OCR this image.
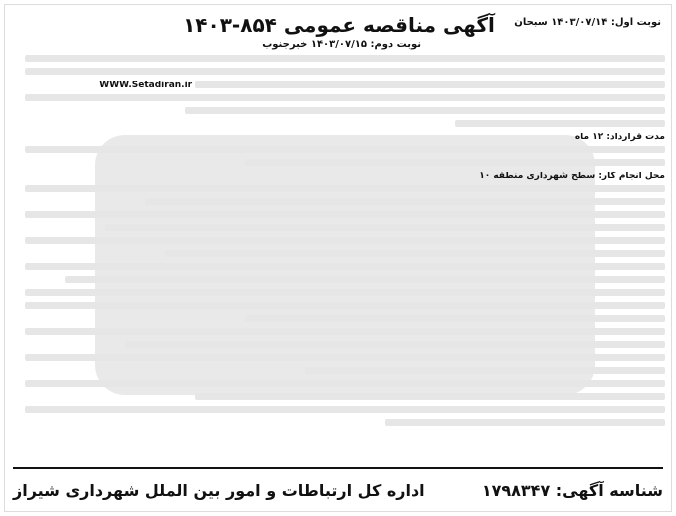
آگهی مناقصه عمومی ۸۵۴-۱۴۰۳	نوبت اول: ۱۴۰۳/۰۷/۱۴ سبحان
نوبت دوم: ۱۴۰۳/۰۷/۱۵ خبرجنوب
WWW.Setadiran.ir
مدت قرارداد: ۱۲ ماه
محل انجام کار: سطح شهرداری منطقه ۱۰
شناسه آگهی: ۱۷۹۸۳۴۷
اداره کل ارتباطات و امور بین الملل شهرداری شیراز
